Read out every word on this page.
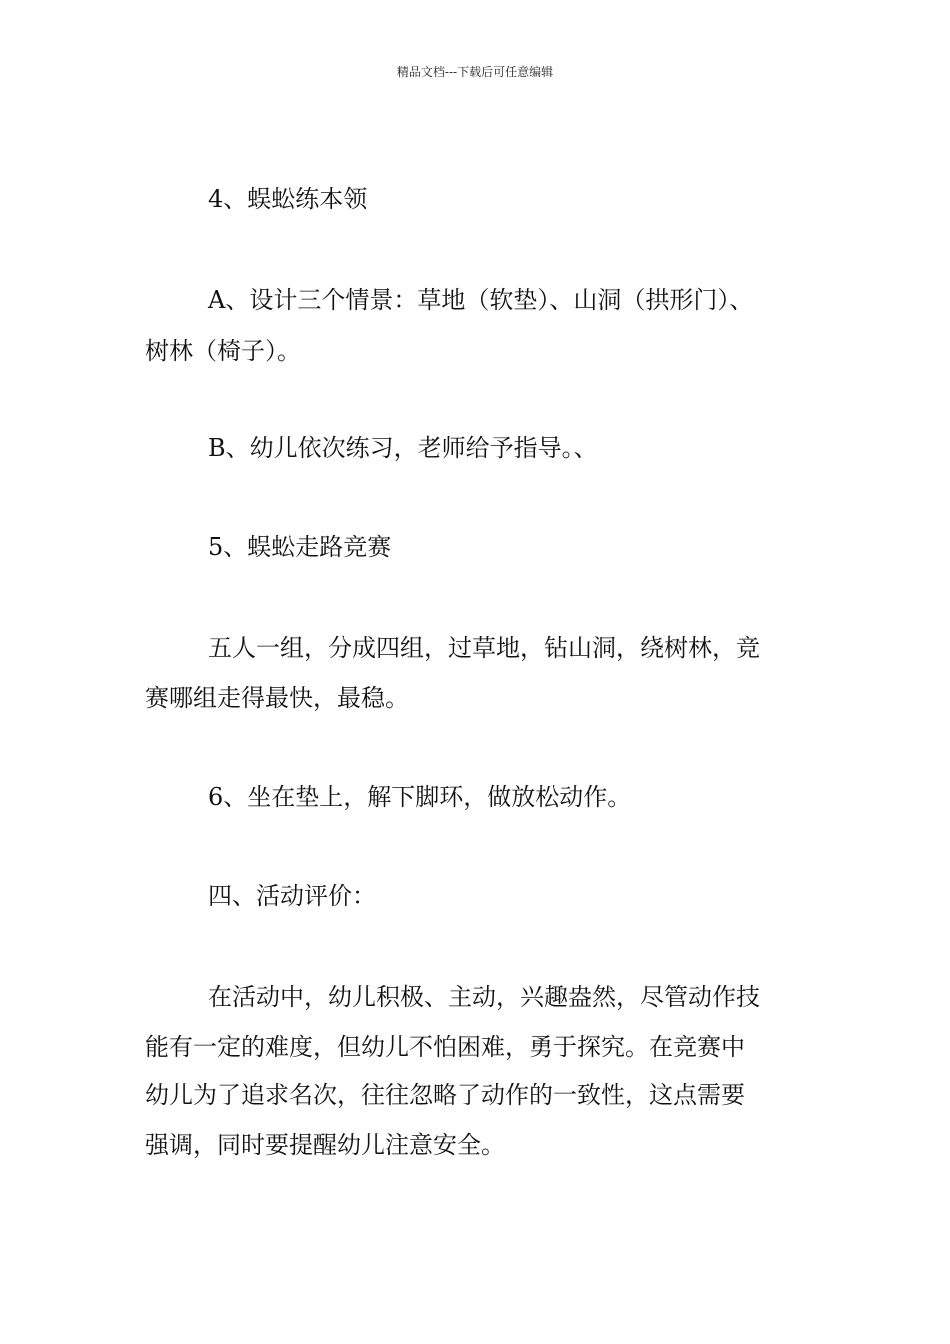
精品文档---下载后可任意编辑
4、蜈蚣练本领
A、设计三个情景：草地（软垫）、山洞（拱形门）、
树林（椅子）。
B、幼儿依次练习，老师给予指导。、
5、蜈蚣走路竞赛
五人一组，分成四组，过草地，钻山洞，绕树林，竞
赛哪组走得最快，最稳。
6、坐在垫上，解下脚环，做放松动作。
四、活动评价：
在活动中，幼儿积极、主动，兴趣盎然，尽管动作技
能有一定的难度，但幼儿不怕困难，勇于探究。在竞赛中
幼儿为了追求名次，往往忽略了动作的一致性，这点需要
强调，同时要提醒幼儿注意安全。
